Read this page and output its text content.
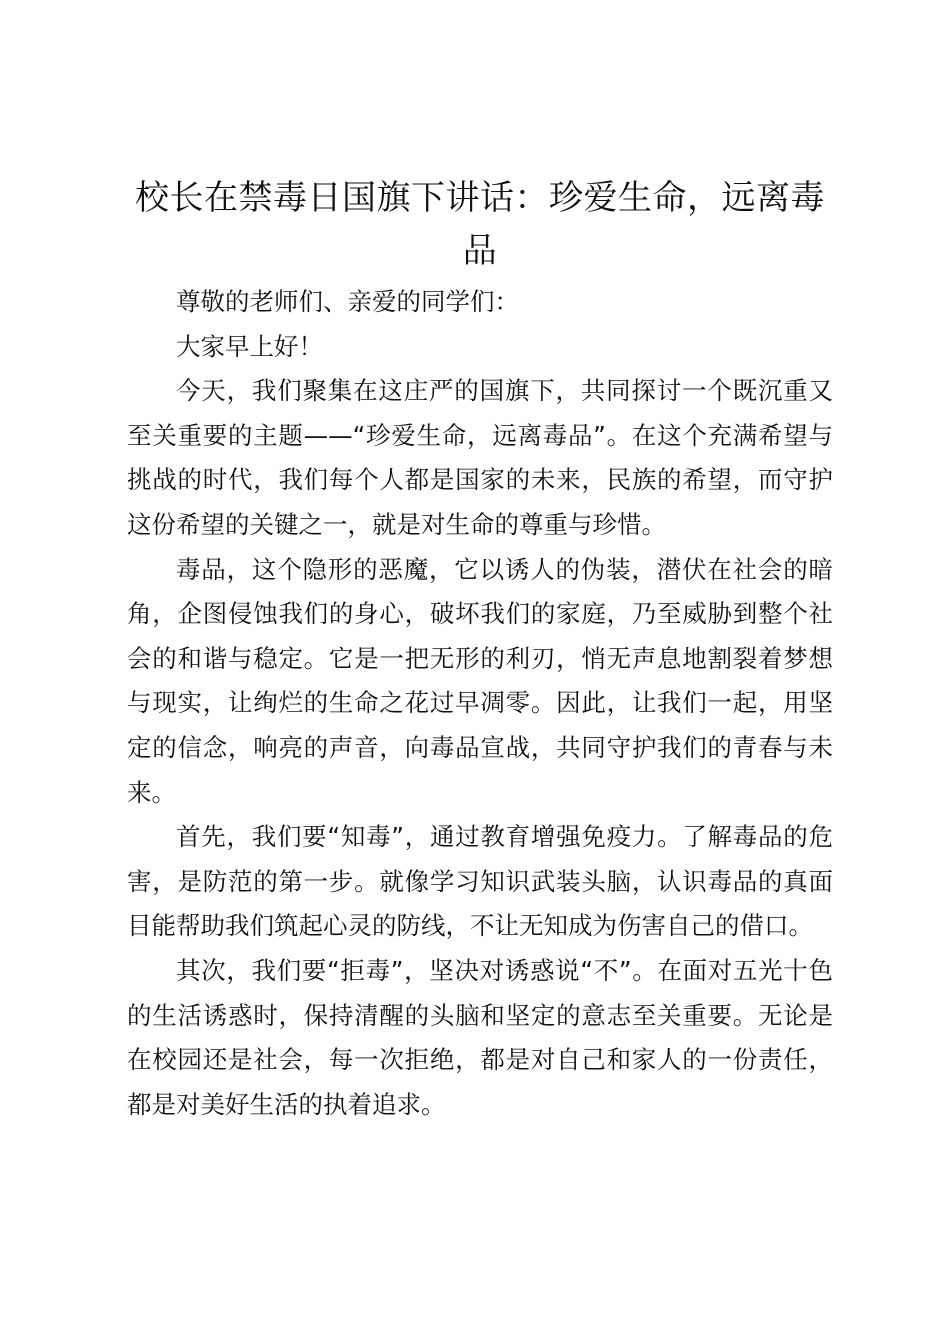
校长在禁毒日国旗下讲话：珍爱生命，远离毒品

尊敬的老师们、亲爱的同学们：

大家早上好！

今天，我们聚集在这庄严的国旗下，共同探讨一个既沉重又至关重要的主题——“珍爱生命，远离毒品”。在这个充满希望与挑战的时代，我们每个人都是国家的未来，民族的希望，而守护这份希望的关键之一，就是对生命的尊重与珍惜。

毒品，这个隐形的恶魔，它以诱人的伪装，潜伏在社会的暗角，企图侵蚀我们的身心，破坏我们的家庭，乃至威胁到整个社会的和谐与稳定。它是一把无形的利刃，悄无声息地割裂着梦想与现实，让绚烂的生命之花过早凋零。因此，让我们一起，用坚定的信念，响亮的声音，向毒品宣战，共同守护我们的青春与未来。

首先，我们要“知毒”，通过教育增强免疫力。了解毒品的危害，是防范的第一步。就像学习知识武装头脑，认识毒品的真面目能帮助我们筑起心灵的防线，不让无知成为伤害自己的借口。

其次，我们要“拒毒”，坚决对诱惑说“不”。在面对五光十色的生活诱惑时，保持清醒的头脑和坚定的意志至关重要。无论是在校园还是社会，每一次拒绝，都是对自己和家人的一份责任，都是对美好生活的执着追求。
